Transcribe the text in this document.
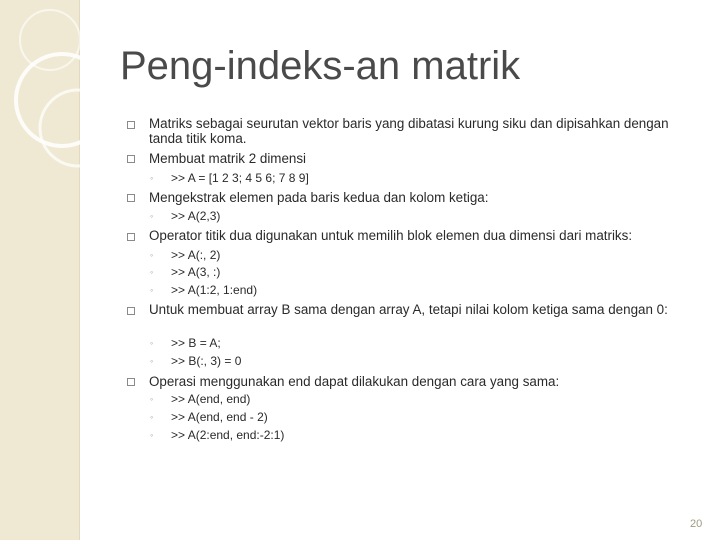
Peng-indeks-an matrik
Matriks sebagai seurutan vektor baris yang dibatasi kurung siku dan dipisahkan dengan tanda titik koma.
Membuat matrik 2 dimensi
◦ >> A = [1 2 3; 4 5 6; 7 8 9]
Mengekstrak elemen pada baris kedua dan kolom ketiga:
◦ >> A(2,3)
Operator titik dua digunakan untuk memilih blok elemen dua dimensi dari matriks:
◦ >> A(:, 2)
◦ >> A(3, :)
◦ >> A(1:2, 1:end)
Untuk membuat array B sama dengan array A, tetapi nilai kolom ketiga sama dengan 0:
◦ >> B = A;
◦ >> B(:, 3) = 0
Operasi menggunakan end dapat dilakukan dengan cara yang sama:
◦ >> A(end, end)
◦ >> A(end, end - 2)
◦ >> A(2:end, end:-2:1)
20
